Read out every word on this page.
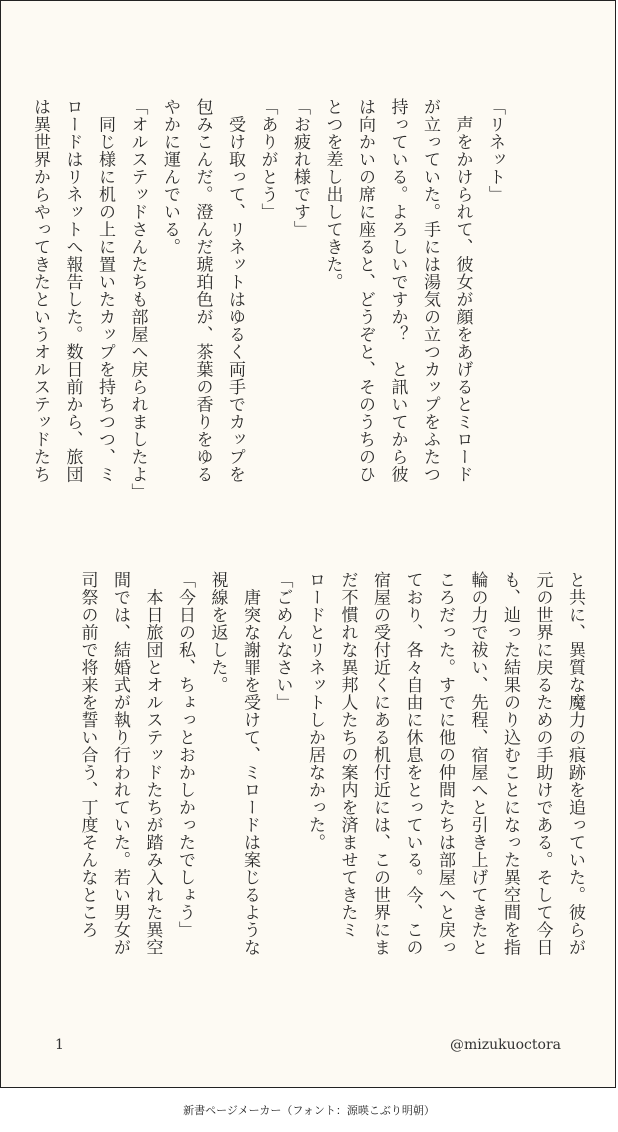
「リネット」
　声をかけられて、彼女が顔をあげるとミロード
が立っていた。手には湯気の立つカップをふたつ
持っている。よろしいですか？　と訊いてから彼
は向かいの席に座ると、どうぞと、そのうちのひ
とつを差し出してきた。
「お疲れ様です」
「ありがとう」
　受け取って、リネットはゆるく両手でカップを
包みこんだ。澄んだ琥珀色が、茶葉の香りをゆる
やかに運んでいる。
「オルステッドさんたちも部屋へ戻られましたよ」
　同じ様に机の上に置いたカップを持ちつつ、ミ
ロードはリネットへ報告した。数日前から、旅団
は異世界からやってきたというオルステッドたち
と共に、異質な魔力の痕跡を追っていた。彼らが
元の世界に戻るための手助けである。そして今日
も、辿った結果のり込むことになった異空間を指
輪の力で祓い、先程、宿屋へと引き上げてきたと
ころだった。すでに他の仲間たちは部屋へと戻っ
ており、各々自由に休息をとっている。今、この
宿屋の受付近くにある机付近には、この世界にま
だ不慣れな異邦人たちの案内を済ませてきたミ
ロードとリネットしか居なかった。
「ごめんなさい」
　唐突な謝罪を受けて、ミロードは案じるような
視線を返した。
「今日の私、ちょっとおかしかったでしょう」
　本日旅団とオルステッドたちが踏み入れた異空
間では、結婚式が執り行われていた。若い男女が
司祭の前で将来を誓い合う、丁度そんなところ
1	@mizukuoctora
新書ページメーカー（フォント：源暎こぶり明朝）
